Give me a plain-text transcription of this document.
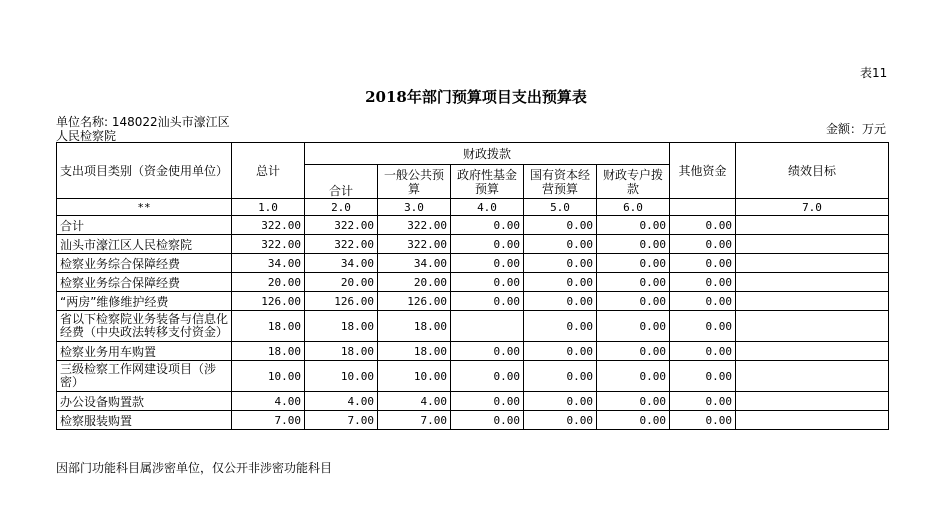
表11
2018年部门预算项目支出预算表
单位名称: 148022汕头市濠江区
人民检察院	金额：万元
支出项目类别（资金使用单位）	总计	财政拨款					其他资金	绩效目标
		合计	一般公共预算	政府性基金预算	国有资本经营预算	财政专户拨款		
**	1.0	2.0	3.0	4.0	5.0	6.0		7.0
合计	322.00	322.00	322.00	0.00	0.00	0.00	0.00	
汕头市濠江区人民检察院	322.00	322.00	322.00	0.00	0.00	0.00	0.00	
检察业务综合保障经费	34.00	34.00	34.00	0.00	0.00	0.00	0.00	
检察业务综合保障经费	20.00	20.00	20.00	0.00	0.00	0.00	0.00	
“两房”维修维护经费	126.00	126.00	126.00	0.00	0.00	0.00	0.00	
省以下检察院业务装备与信息化经费（中央政法转移支付资金）	18.00	18.00	18.00		0.00	0.00	0.00	
检察业务用车购置	18.00	18.00	18.00	0.00	0.00	0.00	0.00	
三级检察工作网建设项目（涉密）	10.00	10.00	10.00	0.00	0.00	0.00	0.00	
办公设备购置款	4.00	4.00	4.00	0.00	0.00	0.00	0.00	
检察服装购置	7.00	7.00	7.00	0.00	0.00	0.00	0.00	
因部门功能科目属涉密单位，仅公开非涉密功能科目
